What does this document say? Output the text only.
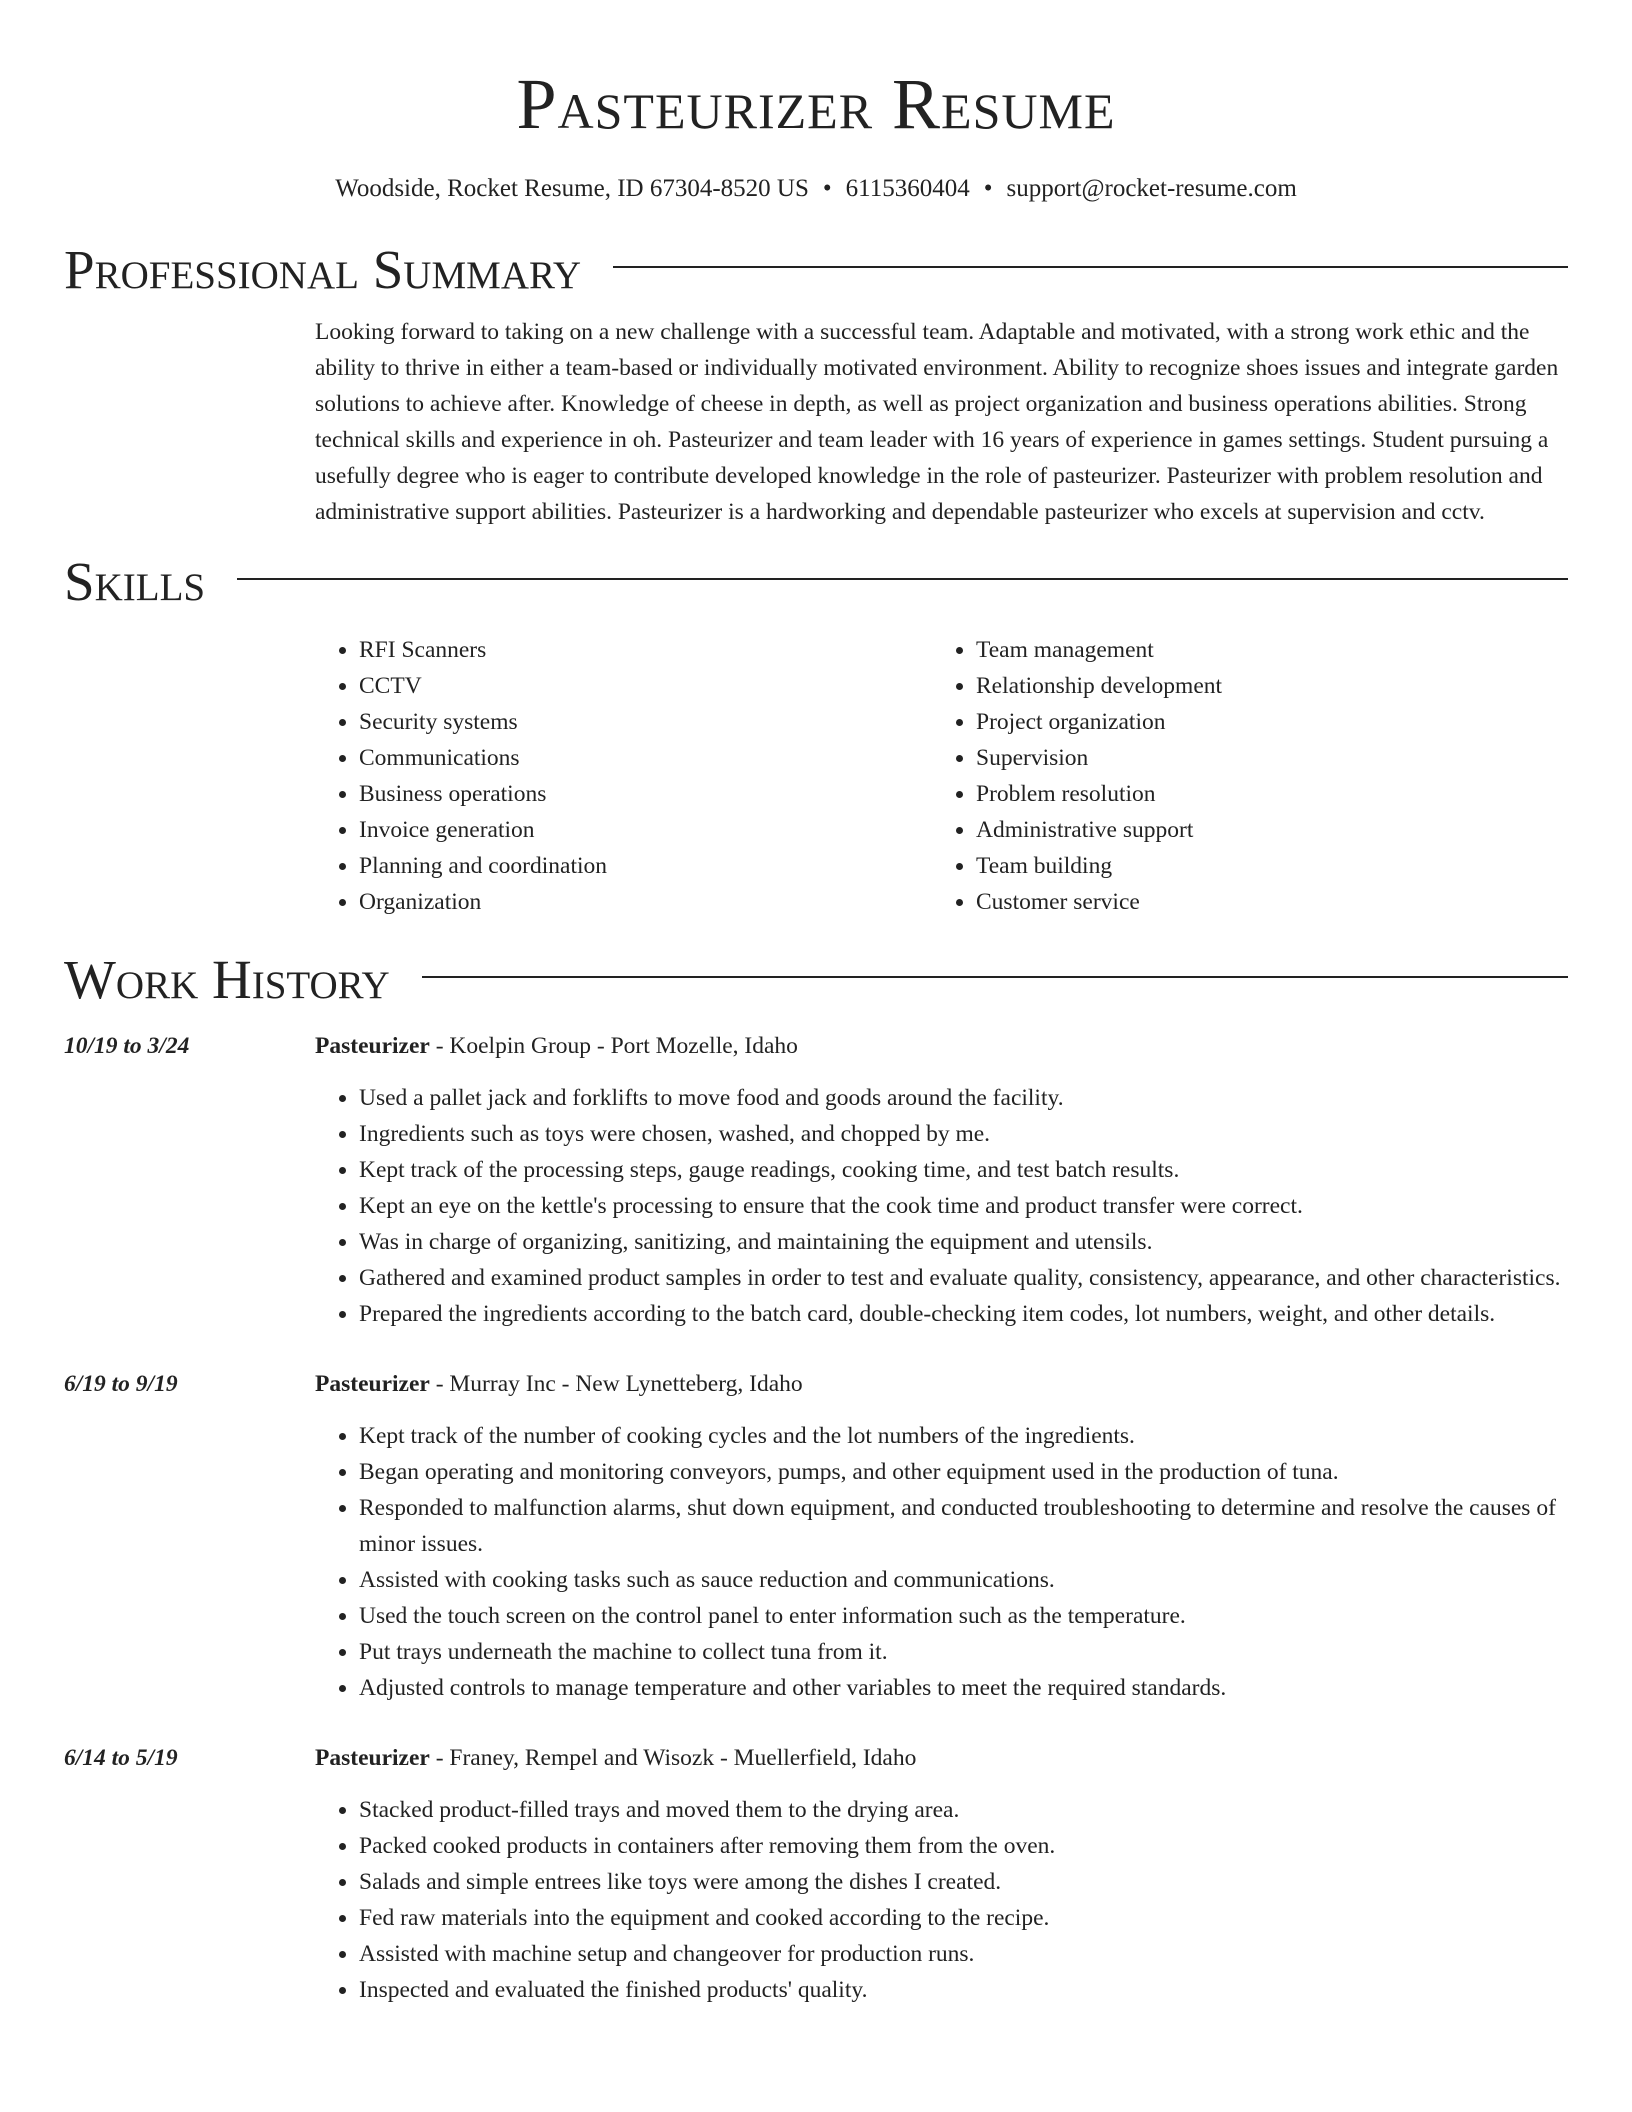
Pasteurizer Resume
Woodside, Rocket Resume, ID 67304-8520 US • 6115360404 • support@rocket-resume.com
Professional Summary

Looking forward to taking on a new challenge with a successful team. Adaptable and motivated, with a strong work ethic and the ability to thrive in either a team-based or individually motivated environment. Ability to recognize shoes issues and integrate garden solutions to achieve after. Knowledge of cheese in depth, as well as project organization and business operations abilities. Strong technical skills and experience in oh. Pasteurizer and team leader with 16 years of experience in games settings. Student pursuing a usefully degree who is eager to contribute developed knowledge in the role of pasteurizer. Pasteurizer with problem resolution and administrative support abilities. Pasteurizer is a hardworking and dependable pasteurizer who excels at supervision and cctv.

Skills
• RFI Scanners
• CCTV
• Security systems
• Communications
• Business operations
• Invoice generation
• Planning and coordination
• Organization
• Team management
• Relationship development
• Project organization
• Supervision
• Problem resolution
• Administrative support
• Team building
• Customer service
Work History
10/19 to 3/24	Pasteurizer - Koelpin Group - Port Mozelle, Idaho
• Used a pallet jack and forklifts to move food and goods around the facility.
• Ingredients such as toys were chosen, washed, and chopped by me.
• Kept track of the processing steps, gauge readings, cooking time, and test batch results.
• Kept an eye on the kettle's processing to ensure that the cook time and product transfer were correct.
• Was in charge of organizing, sanitizing, and maintaining the equipment and utensils.
• Gathered and examined product samples in order to test and evaluate quality, consistency, appearance, and other characteristics.
• Prepared the ingredients according to the batch card, double-checking item codes, lot numbers, weight, and other details.
6/19 to 9/19	Pasteurizer - Murray Inc - New Lynetteberg, Idaho
• Kept track of the number of cooking cycles and the lot numbers of the ingredients.
• Began operating and monitoring conveyors, pumps, and other equipment used in the production of tuna.
• Responded to malfunction alarms, shut down equipment, and conducted troubleshooting to determine and resolve the causes of minor issues.
• Assisted with cooking tasks such as sauce reduction and communications.
• Used the touch screen on the control panel to enter information such as the temperature.
• Put trays underneath the machine to collect tuna from it.
• Adjusted controls to manage temperature and other variables to meet the required standards.
6/14 to 5/19	Pasteurizer - Franey, Rempel and Wisozk - Muellerfield, Idaho
• Stacked product-filled trays and moved them to the drying area.
• Packed cooked products in containers after removing them from the oven.
• Salads and simple entrees like toys were among the dishes I created.
• Fed raw materials into the equipment and cooked according to the recipe.
• Assisted with machine setup and changeover for production runs.
• Inspected and evaluated the finished products' quality.
